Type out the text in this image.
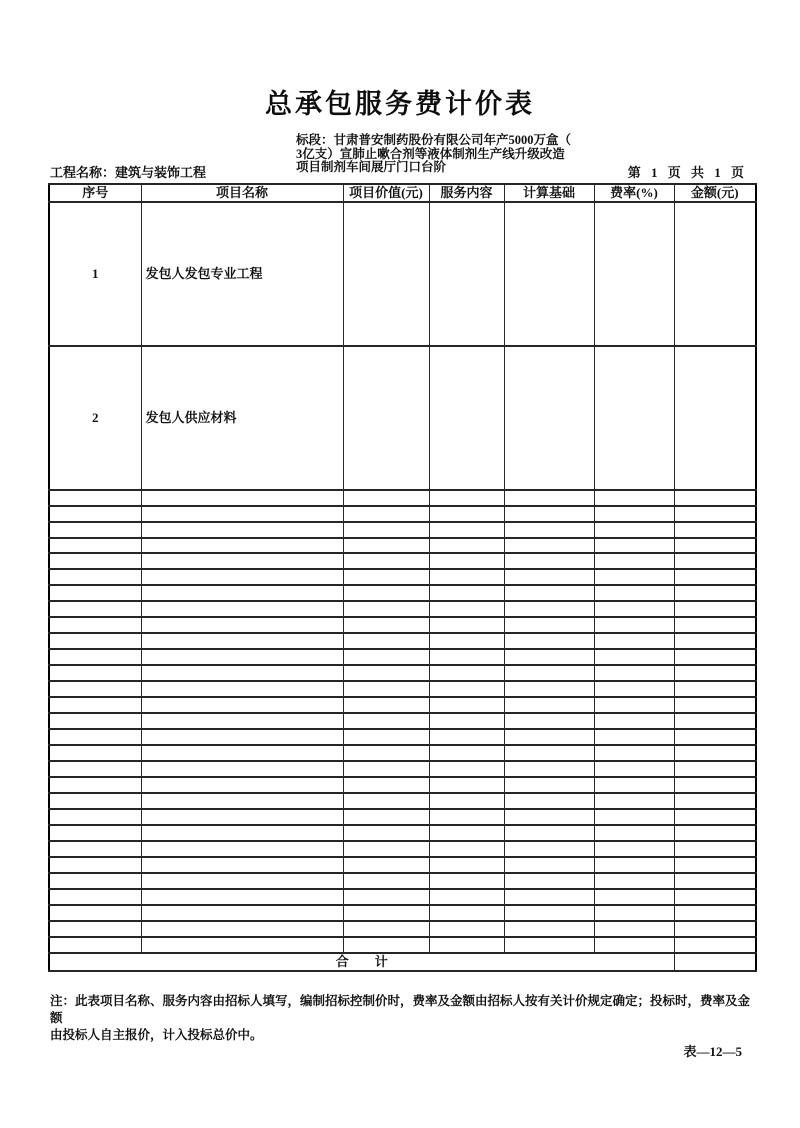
总承包服务费计价表
标段：甘肃普安制药股份有限公司年产5000万盒（
3亿支）宣肺止嗽合剂等液体制剂生产线升级改造
项目制剂车间展厅门口台阶
工程名称：建筑与装饰工程	第 1 页 共 1 页
序号	项目名称	项目价值(元)	服务内容	计算基础	费率(%)	金额(元)
1	发包人发包专业工程					
2	发包人供应材料					

合　　计						
注：此表项目名称、服务内容由招标人填写，编制招标控制价时，费率及金额由招标人按有关计价规定确定；投标时，费率及金额
由投标人自主报价，计入投标总价中。
表—12—5
